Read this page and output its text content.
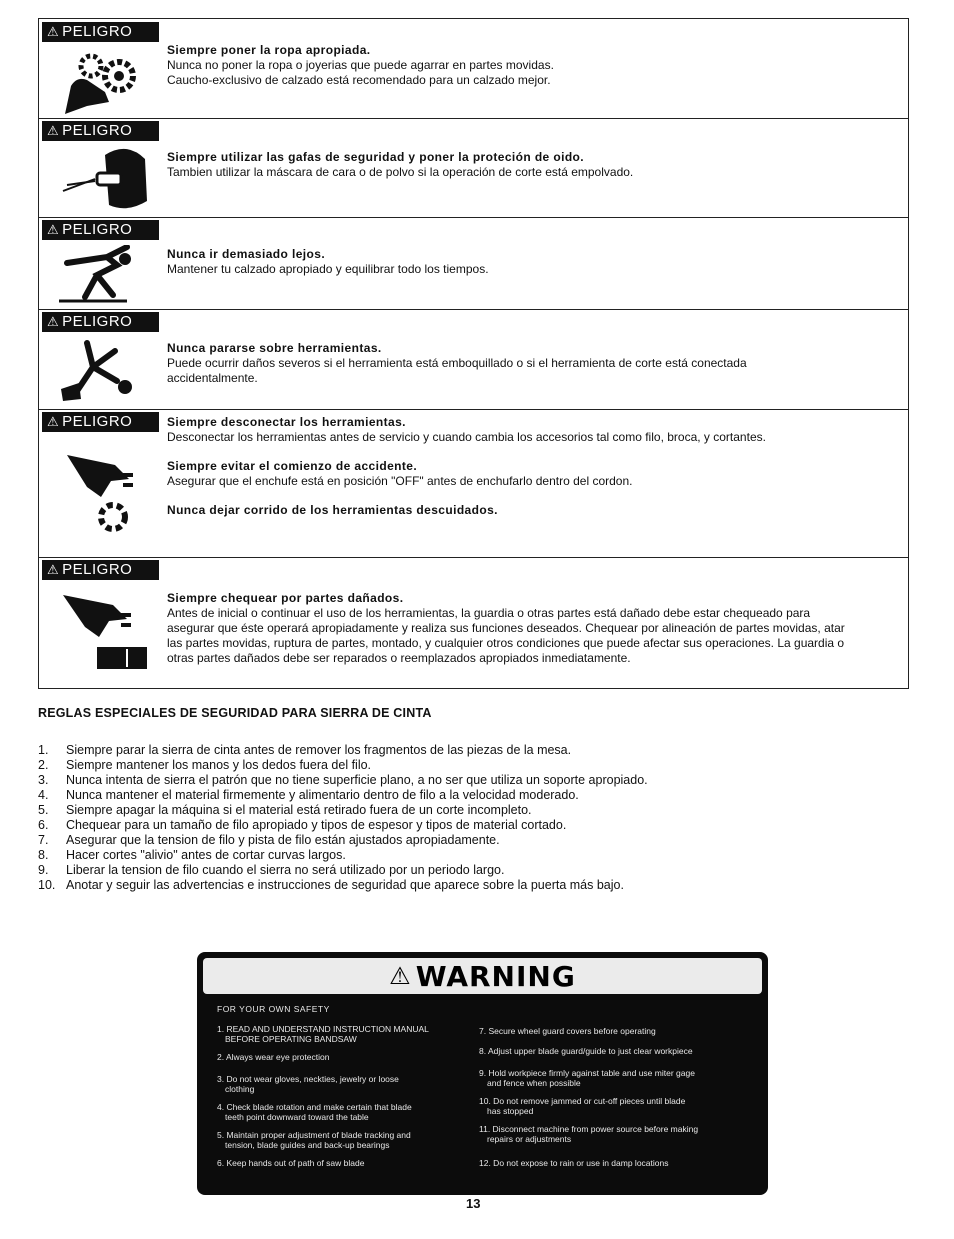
⚠ PELIGRO
Siempre poner la ropa apropiada.
Nunca no poner la ropa o joyerias que puede agarrar en partes movidas.
Caucho-exclusivo de calzado está recomendado para un calzado mejor.
⚠ PELIGRO
Siempre utilizar las gafas de seguridad y poner la proteción de oido.
Tambien utilizar la máscara de cara o de polvo si la operación de corte está empolvado.
⚠ PELIGRO
Nunca ir demasiado lejos.
Mantener tu calzado apropiado y equilibrar todo los tiempos.
⚠ PELIGRO
Nunca pararse sobre herramientas.
Puede ocurrir daños severos si el herramienta está emboquillado o si el herramienta de corte está conectada
accidentalmente.
⚠ PELIGRO	Siempre desconectar los herramientas.
Desconectar los herramientas antes de servicio y cuando cambia los accesorios tal como filo, broca, y cortantes.
Siempre evitar el comienzo de accidente.
Asegurar que el enchufe está en posición "OFF" antes de enchufarlo dentro del cordon.
Nunca dejar corrido de los herramientas descuidados.
⚠ PELIGRO
Siempre chequear por partes dañados.
Antes de inicial o continuar el uso de los herramientas, la guardia o otras partes está dañado debe estar chequeado para
asegurar que éste operará apropiadamente y realiza sus funciones deseados. Chequear por alineación de partes movidas, atar
las partes movidas, ruptura de partes, montado, y cualquier otros condiciones que puede afectar sus operaciones. La guardia o
otras partes dañados debe ser reparados o reemplazados apropiados inmediatamente.
REGLAS ESPECIALES DE SEGURIDAD PARA SIERRA DE CINTA
1.	Siempre parar la sierra de cinta antes de remover los fragmentos de las piezas de la mesa.
2.	Siempre mantener los manos y los dedos fuera del filo.
3.	Nunca intenta de sierra el patrón que no tiene superficie plano, a no ser que utiliza un soporte apropiado.
4.	Nunca mantener el material firmemente y alimentario dentro de filo a la velocidad moderado.
5.	Siempre apagar la máquina si el material está retirado fuera de un corte incompleto.
6.	Chequear para un tamaño de filo apropiado y tipos de espesor y tipos de material cortado.
7.	Asegurar que la tension de filo y pista de filo están ajustados apropiadamente.
8.	Hacer cortes "alivio" antes de cortar curvas largos.
9.	Liberar la tension de filo cuando el sierra no será utilizado por un periodo largo.
10. Anotar y seguir las advertencias e instrucciones de seguridad que aparece sobre la puerta más bajo.
⚠ WARNING
FOR YOUR OWN SAFETY
1. READ AND UNDERSTAND INSTRUCTION MANUAL
BEFORE OPERATING BANDSAW
2. Always wear eye protection
3. Do not wear gloves, neckties, jewelry or loose
clothing
4. Check blade rotation and make certain that blade
teeth point downward toward the table
5. Maintain proper adjustment of blade tracking and
tension, blade guides and back-up bearings
6. Keep hands out of path of saw blade
7. Secure wheel guard covers before operating
8. Adjust upper blade guard/guide to just clear workpiece
9. Hold workpiece firmly against table and use miter gage
and fence when possible
10. Do not remove jammed or cut-off pieces until blade
has stopped
11. Disconnect machine from power source before making
repairs or adjustments
12. Do not expose to rain or use in damp locations
13
